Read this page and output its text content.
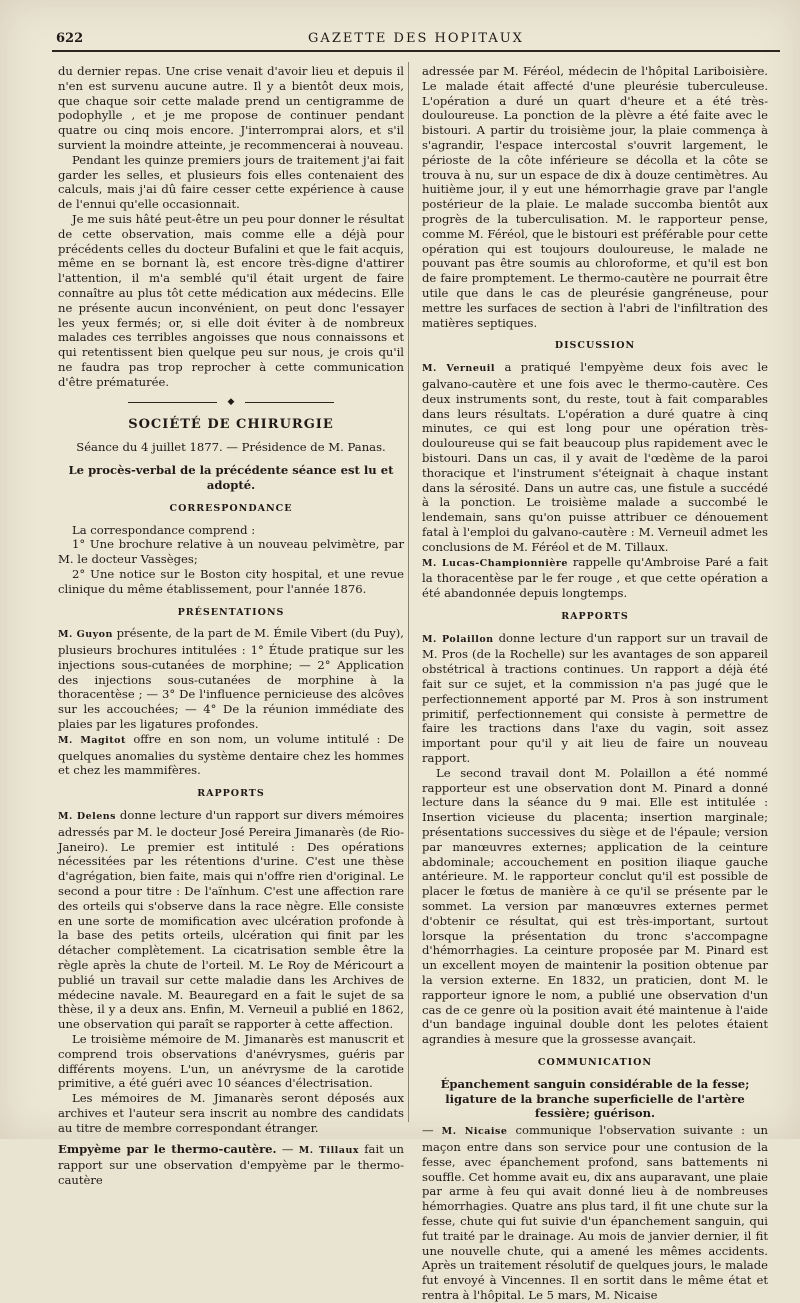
622	GAZETTE DES HOPITAUX

du dernier repas. Une crise venait d'avoir lieu et depuis il n'en est survenu aucune autre. Il y a bientôt deux mois, que chaque soir cette malade prend un centigramme de podophylle , et je me propose de continuer pendant quatre ou cinq mois encore. J'interromprai alors, et s'il survient la moindre atteinte, je recommencerai à nouveau.

Pendant les quinze premiers jours de traitement j'ai fait garder les selles, et plusieurs fois elles contenaient des calculs, mais j'ai dû faire cesser cette expérience à cause de l'ennui qu'elle occasionnait.

Je me suis hâté peut-être un peu pour donner le résultat de cette observation, mais comme elle a déjà pour précédents celles du docteur Bufalini et que le fait acquis, même en se bornant là, est encore très-digne d'attirer l'attention, il m'a semblé qu'il était urgent de faire connaître au plus tôt cette médication aux médecins. Elle ne présente aucun inconvénient, on peut donc l'essayer les yeux fermés; or, si elle doit éviter à de nombreux malades ces terribles angoisses que nous connaissons et qui retentissent bien quelque peu sur nous, je crois qu'il ne faudra pas trop reprocher à cette communication d'être prématurée.

◆
SOCIÉTÉ DE CHIRURGIE

Séance du 4 juillet 1877. — Présidence de M. Panas.

Le procès-verbal de la précédente séance est lu et adopté.

CORRESPONDANCE

La correspondance comprend :

1° Une brochure relative à un nouveau pelvimètre, par M. le docteur Vassèges;

2° Une notice sur le Boston city hospital, et une revue clinique du même établissement, pour l'année 1876.

PRÉSENTATIONS

M. Guyon présente, de la part de M. Émile Vibert (du Puy), plusieurs brochures intitulées : 1° Étude pratique sur les injections sous-cutanées de morphine; — 2° Application des injections sous-cutanées de morphine à la thoracentèse ; — 3° De l'influence pernicieuse des alcôves sur les accouchées; — 4° De la réunion immédiate des plaies par les ligatures profondes.

M. Magitot offre en son nom, un volume intitulé : De quelques anomalies du système dentaire chez les hommes et chez les mammifères.

RAPPORTS

M. Delens donne lecture d'un rapport sur divers mémoires adressés par M. le docteur José Pereira Jimanarès (de Rio-Janeiro). Le premier est intitulé : Des opérations nécessitées par les rétentions d'urine. C'est une thèse d'agrégation, bien faite, mais qui n'offre rien d'original. Le second a pour titre : De l'aïnhum. C'est une affection rare des orteils qui s'observe dans la race nègre. Elle consiste en une sorte de momification avec ulcération profonde à la base des petits orteils, ulcération qui finit par les détacher complètement. La cicatrisation semble être la règle après la chute de l'orteil. M. Le Roy de Méricourt a publié un travail sur cette maladie dans les Archives de médecine navale. M. Beauregard en a fait le sujet de sa thèse, il y a deux ans. Enfin, M. Verneuil a publié en 1862, une observation qui paraît se rapporter à cette affection.

Le troisième mémoire de M. Jimanarès est manuscrit et comprend trois observations d'anévrysmes, guéris par différents moyens. L'un, un anévrysme de la carotide primitive, a été guéri avec 10 séances d'électrisation.

Les mémoires de M. Jimanarès seront déposés aux archives et l'auteur sera inscrit au nombre des candidats au titre de membre correspondant étranger.

Empyème par le thermo-cautère. — M. Tillaux fait un rapport sur une observation d'empyème par le thermo-cautère

adressée par M. Féréol, médecin de l'hôpital Lariboisière. Le malade était affecté d'une pleurésie tuberculeuse. L'opération a duré un quart d'heure et a été très-douloureuse. La ponction de la plèvre a été faite avec le bistouri. A partir du troisième jour, la plaie commença à s'agrandir, l'espace intercostal s'ouvrit largement, le périoste de la côte inférieure se décolla et la côte se trouva à nu, sur un espace de dix à douze centimètres. Au huitième jour, il y eut une hémorrhagie grave par l'angle postérieur de la plaie. Le malade succomba bientôt aux progrès de la tuberculisation. M. le rapporteur pense, comme M. Féréol, que le bistouri est préférable pour cette opération qui est toujours douloureuse, le malade ne pouvant pas être soumis au chloroforme, et qu'il est bon de faire promptement. Le thermo-cautère ne pourrait être utile que dans le cas de pleurésie gangréneuse, pour mettre les surfaces de section à l'abri de l'infiltration des matières septiques.

DISCUSSION

M. Verneuil a pratiqué l'empyème deux fois avec le galvano-cautère et une fois avec le thermo-cautère. Ces deux instruments sont, du reste, tout à fait comparables dans leurs résultats. L'opération a duré quatre à cinq minutes, ce qui est long pour une opération très-douloureuse qui se fait beaucoup plus rapidement avec le bistouri. Dans un cas, il y avait de l'œdème de la paroi thoracique et l'instrument s'éteignait à chaque instant dans la sérosité. Dans un autre cas, une fistule a succédé à la ponction. Le troisième malade a succombé le lendemain, sans qu'on puisse attribuer ce dénouement fatal à l'emploi du galvano-cautère : M. Verneuil admet les conclusions de M. Féréol et de M. Tillaux.

M. Lucas-Championnière rappelle qu'Ambroise Paré a fait la thoracentèse par le fer rouge , et que cette opération a été abandonnée depuis longtemps.

RAPPORTS

M. Polaillon donne lecture d'un rapport sur un travail de M. Pros (de la Rochelle) sur les avantages de son appareil obstétrical à tractions continues. Un rapport a déjà été fait sur ce sujet, et la commission n'a pas jugé que le perfectionnement apporté par M. Pros à son instrument primitif, perfectionnement qui consiste à permettre de faire les tractions dans l'axe du vagin, soit assez important pour qu'il y ait lieu de faire un nouveau rapport.

Le second travail dont M. Polaillon a été nommé rapporteur est une observation dont M. Pinard a donné lecture dans la séance du 9 mai. Elle est intitulée : Insertion vicieuse du placenta; insertion marginale; présentations successives du siège et de l'épaule; version par manœuvres externes; application de la ceinture abdominale; accouchement en position iliaque gauche antérieure. M. le rapporteur conclut qu'il est possible de placer le fœtus de manière à ce qu'il se présente par le sommet. La version par manœuvres externes permet d'obtenir ce résultat, qui est très-important, surtout lorsque la présentation du tronc s'accompagne d'hémorrhagies. La ceinture proposée par M. Pinard est un excellent moyen de maintenir la position obtenue par la version externe. En 1832, un praticien, dont M. le rapporteur ignore le nom, a publié une observation d'un cas de ce genre où la position avait été maintenue à l'aide d'un bandage inguinal double dont les pelotes étaient agrandies à mesure que la grossesse avançait.

COMMUNICATION

Épanchement sanguin considérable de la fesse; ligature de la branche superficielle de l'artère fessière; guérison.

— M. Nicaise communique l'observation suivante : un maçon entre dans son service pour une contusion de la fesse, avec épanchement profond, sans battements ni souffle. Cet homme avait eu, dix ans auparavant, une plaie par arme à feu qui avait donné lieu à de nombreuses hémorrhagies. Quatre ans plus tard, il fit une chute sur la fesse, chute qui fut suivie d'un épanchement sanguin, qui fut traité par le drainage. Au mois de janvier dernier, il fit une nouvelle chute, qui a amené les mêmes accidents. Après un traitement résolutif de quelques jours, le malade fut envoyé à Vincennes. Il en sortit dans le même état et rentra à l'hôpital. Le 5 mars, M. Nicaise
